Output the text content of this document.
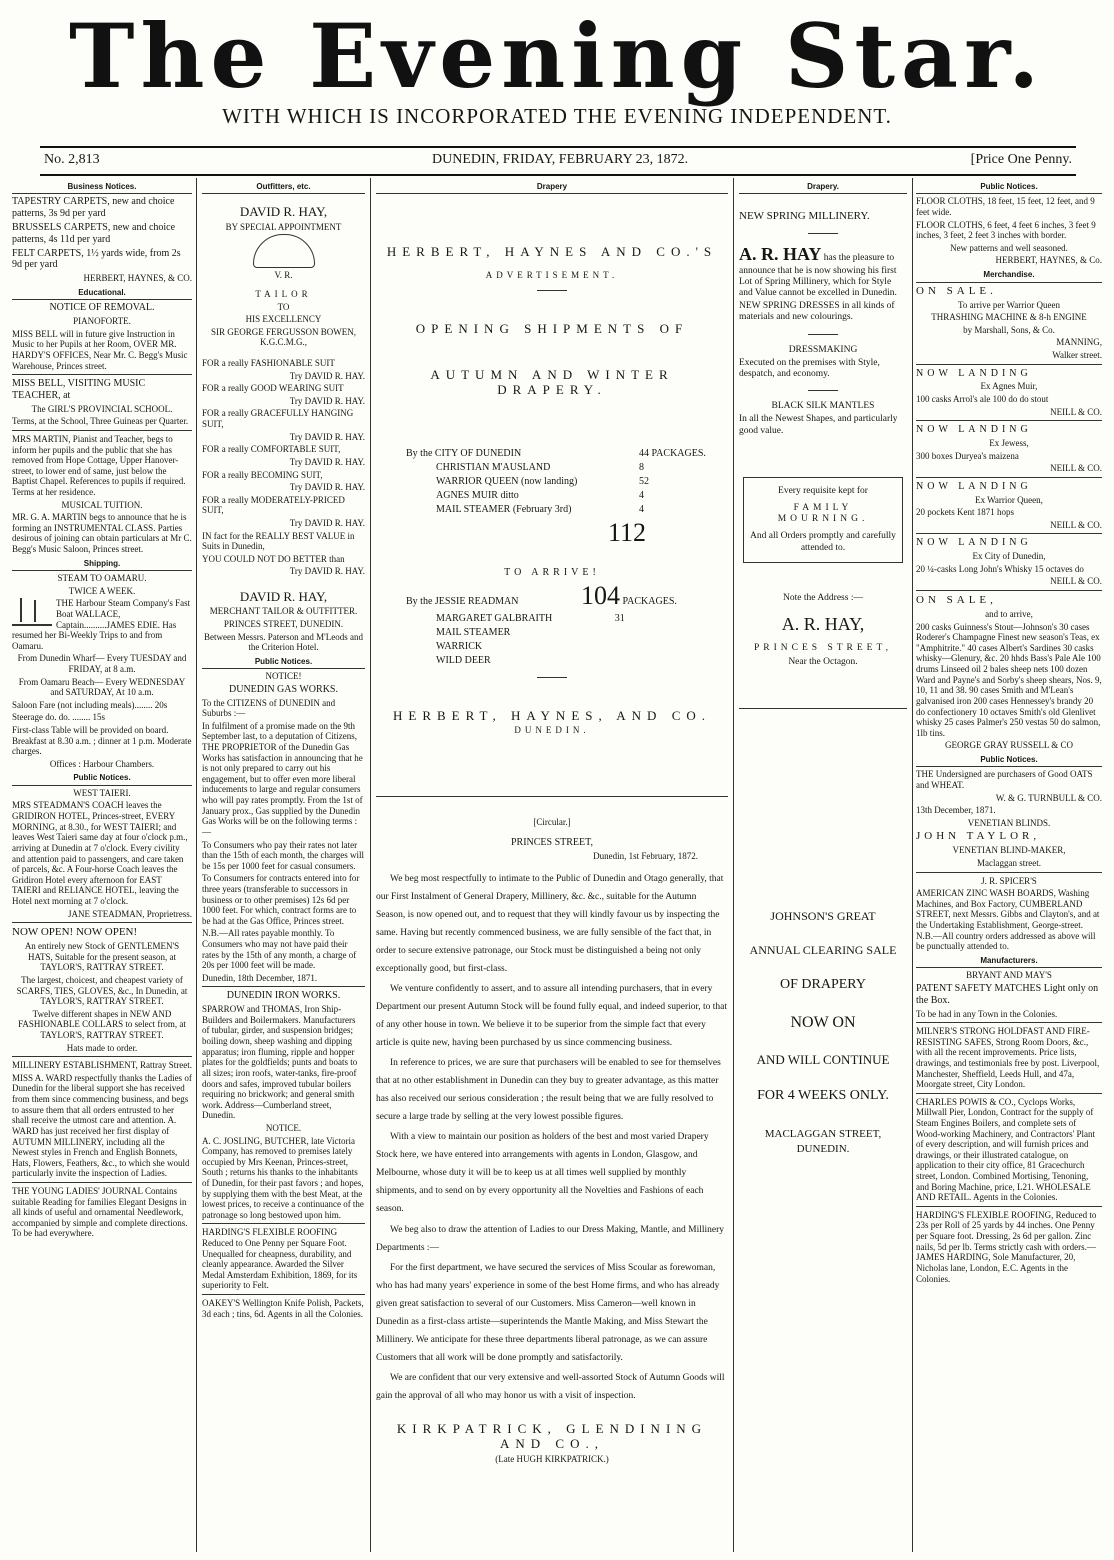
The Evening Star.
WITH WHICH IS INCORPORATED THE EVENING INDEPENDENT.
No. 2,813	DUNEDIN, FRIDAY, FEBRUARY 23, 1872.	[Price One Penny.
Business Notices.

TAPESTRY CARPETS, new and choice patterns, 3s 9d per yard

BRUSSELS CARPETS, new and choice patterns, 4s 11d per yard

FELT CARPETS, 1½ yards wide, from 2s 9d per yard

HERBERT, HAYNES, & CO.

Educational.

NOTICE OF REMOVAL.

PIANOFORTE.

MISS BELL will in future give Instruction in Music to her Pupils at her Room, OVER MR. HARDY'S OFFICES, Near Mr. C. Begg's Music Warehouse, Princes street.

MISS BELL, VISITING MUSIC TEACHER, at

The GIRL'S PROVINCIAL SCHOOL.

Terms, at the School, Three Guineas per Quarter.

MRS MARTIN, Pianist and Teacher, begs to inform her pupils and the public that she has removed from Hope Cottage, Upper Hanover-street, to lower end of same, just below the Baptist Chapel. References to pupils if required. Terms at her residence.

MUSICAL TUITION.

MR. G. A. MARTIN begs to announce that he is forming an INSTRUMENTAL CLASS. Parties desirous of joining can obtain particulars at Mr C. Begg's Music Saloon, Princes street.

Shipping.

STEAM TO OAMARU.

TWICE A WEEK.

THE Harbour Steam Company's Fast Boat WALLACE, Captain..........JAMES EDIE. Has resumed her Bi-Weekly Trips to and from Oamaru.

From Dunedin Wharf— Every TUESDAY and FRIDAY, at 8 a.m.

From Oamaru Beach— Every WEDNESDAY and SATURDAY, At 10 a.m.

Saloon Fare (not including meals)........ 20s

Steerage do. do. ........ 15s

First-class Table will be provided on board. Breakfast at 8.30 a.m. ; dinner at 1 p.m. Moderate charges.

Offices : Harbour Chambers.

Public Notices.

WEST TAIERI.

MRS STEADMAN'S COACH leaves the GRIDIRON HOTEL, Princes-street, EVERY MORNING, at 8.30., for WEST TAIERI; and leaves West Taieri same day at four o'clock p.m., arriving at Dunedin at 7 o'clock. Every civility and attention paid to passengers, and care taken of parcels, &c. A Four-horse Coach leaves the Gridiron Hotel every afternoon for EAST TAIERI and RELIANCE HOTEL, leaving the Hotel next morning at 7 o'clock.

JANE STEADMAN, Proprietress.

NOW OPEN! NOW OPEN!

An entirely new Stock of GENTLEMEN'S HATS, Suitable for the present season, at TAYLOR'S, RATTRAY STREET.

The largest, choicest, and cheapest variety of SCARFS, TIES, GLOVES, &c., In Dunedin, at TAYLOR'S, RATTRAY STREET.

Twelve different shapes in NEW AND FASHIONABLE COLLARS to select from, at TAYLOR'S, RATTRAY STREET.

Hats made to order.

MILLINERY ESTABLISHMENT, Rattray Street.

MISS A. WARD respectfully thanks the Ladies of Dunedin for the liberal support she has received from them since commencing business, and begs to assure them that all orders entrusted to her shall receive the utmost care and attention. A. WARD has just received her first display of AUTUMN MILLINERY, including all the Newest styles in French and English Bonnets, Hats, Flowers, Feathers, &c., to which she would particularly invite the inspection of Ladies.

THE YOUNG LADIES' JOURNAL Contains suitable Reading for families Elegant Designs in all kinds of useful and ornamental Needlework, accompanied by simple and complete directions. To be had everywhere.

Outfitters, etc.

DAVID R. HAY,

BY SPECIAL APPOINTMENT

V. R.

TAILOR

TO

HIS EXCELLENCY

SIR GEORGE FERGUSSON BOWEN, K.G.C.M.G.,

FOR a really FASHIONABLE SUIT

Try DAVID R. HAY.

FOR a really GOOD WEARING SUIT

Try DAVID R. HAY.

FOR a really GRACEFULLY HANGING SUIT,

Try DAVID R. HAY.

FOR a really COMFORTABLE SUIT,

Try DAVID R. HAY.

FOR a really BECOMING SUIT,

Try DAVID R. HAY.

FOR a really MODERATELY-PRICED SUIT,

Try DAVID R. HAY.

IN fact for the REALLY BEST VALUE in Suits in Dunedin,

YOU COULD NOT DO BETTER than

Try DAVID R. HAY.

DAVID R. HAY,

MERCHANT TAILOR & OUTFITTER.

PRINCES STREET, DUNEDIN.

Between Messrs. Paterson and M'Leods and the Criterion Hotel.

Public Notices.

NOTICE!

DUNEDIN GAS WORKS.

To the CITIZENS of DUNEDIN and Suburbs :—

In fulfilment of a promise made on the 9th September last, to a deputation of Citizens, THE PROPRIETOR of the Dunedin Gas Works has satisfaction in announcing that he is not only prepared to carry out his engagement, but to offer even more liberal inducements to large and regular consumers who will pay rates promptly. From the 1st of January prox., Gas supplied by the Dunedin Gas Works will be on the following terms :—

To Consumers who pay their rates not later than the 15th of each month, the charges will be 15s per 1000 feet for casual consumers.

To Consumers for contracts entered into for three years (transferable to successors in business or to other premises) 12s 6d per 1000 feet. For which, contract forms are to be had at the Gas Office, Princes street.

N.B.—All rates payable monthly. To Consumers who may not have paid their rates by the 15th of any month, a charge of 20s per 1000 feet will be made.

Dunedin, 18th December, 1871.

DUNEDIN IRON WORKS.

SPARROW and THOMAS, Iron Ship-Builders and Boilermakers. Manufacturers of tubular, girder, and suspension bridges; boiling down, sheep washing and dipping apparatus; iron fluming, ripple and hopper plates for the goldfields; punts and boats to all sizes; iron roofs, water-tanks, fire-proof doors and safes, improved tubular boilers requiring no brickwork; and general smith work. Address—Cumberland street, Dunedin.

NOTICE.

A. C. JOSLING, BUTCHER, late Victoria Company, has removed to premises lately occupied by Mrs Keenan, Princes-street, South ; returns his thanks to the inhabitants of Dunedin, for their past favors ; and hopes, by supplying them with the best Meat, at the lowest prices, to receive a continuance of the patronage so long bestowed upon him.

HARDING'S FLEXIBLE ROOFING Reduced to One Penny per Square Foot. Unequalled for cheapness, durability, and cleanly appearance. Awarded the Silver Medal Amsterdam Exhibition, 1869, for its superiority to Felt.

OAKEY'S Wellington Knife Polish, Packets, 3d each ; tins, 6d. Agents in all the Colonies.

Drapery

HERBERT, HAYNES AND CO.'S

ADVERTISEMENT.

OPENING SHIPMENTS OF

AUTUMN AND WINTER DRAPERY.

By the CITY OF DUNEDIN	44 PACKAGES.
CHRISTIAN M'AUSLAND	8
WARRIOR QUEEN (now landing)	52
AGNES MUIR ditto	4
MAIL STEAMER (February 3rd)	4

112

TO ARRIVE!

By the JESSIE READMAN 104 PACKAGES.

MARGARET GALBRAITH	31

MAIL STEAMER

WARRICK

WILD DEER

HERBERT, HAYNES, AND CO.

DUNEDIN.

[Circular.]

PRINCES STREET,

Dunedin, 1st February, 1872.

We beg most respectfully to intimate to the Public of Dunedin and Otago generally, that our First Instalment of General Drapery, Millinery, &c. &c., suitable for the Autumn Season, is now opened out, and to request that they will kindly favour us by inspecting the same. Having but recently commenced business, we are fully sensible of the fact that, in order to secure extensive patronage, our Stock must be distinguished a being not only exceptionally good, but first-class.

We venture confidently to assert, and to assure all intending purchasers, that in every Department our present Autumn Stock will be found fully equal, and indeed superior, to that of any other house in town. We believe it to be superior from the simple fact that every article is quite new, having been purchased by us since commencing business.

In reference to prices, we are sure that purchasers will be enabled to see for themselves that at no other establishment in Dunedin can they buy to greater advantage, as this matter has also received our serious consideration ; the result being that we are fully resolved to secure a large trade by selling at the very lowest possible figures.

With a view to maintain our position as holders of the best and most varied Drapery Stock here, we have entered into arrangements with agents in London, Glasgow, and Melbourne, whose duty it will be to keep us at all times well supplied by monthly shipments, and to send on by every opportunity all the Novelties and Fashions of each season.

We beg also to draw the attention of Ladies to our Dress Making, Mantle, and Millinery Departments :—

For the first department, we have secured the services of Miss Scoular as forewoman, who has had many years' experience in some of the best Home firms, and who has already given great satisfaction to several of our Customers. Miss Cameron—well known in Dunedin as a first-class artiste—superintends the Mantle Making, and Miss Stewart the Millinery. We anticipate for these three departments liberal patronage, as we can assure Customers that all work will be done promptly and satisfactorily.

We are confident that our very extensive and well-assorted Stock of Autumn Goods will gain the approval of all who may honor us with a visit of inspection.

KIRKPATRICK, GLENDINING AND CO.,

(Late HUGH KIRKPATRICK.)

Drapery.

NEW SPRING MILLINERY.

A. R. HAY has the pleasure to announce that he is now showing his first Lot of Spring Millinery, which for Style and Value cannot be excelled in Dunedin.

NEW SPRING DRESSES in all kinds of materials and new colourings.

DRESSMAKING

Executed on the premises with Style, despatch, and economy.

BLACK SILK MANTLES

In all the Newest Shapes, and particularly good value.

Every requisite kept for

FAMILY MOURNING.

And all Orders promptly and carefully attended to.

Note the Address :—

A. R. HAY,

PRINCES STREET,

Near the Octagon.

JOHNSON'S GREAT

ANNUAL CLEARING SALE

OF DRAPERY

NOW ON

AND WILL CONTINUE

FOR 4 WEEKS ONLY.

MACLAGGAN STREET,

DUNEDIN.

Public Notices.

FLOOR CLOTHS, 18 feet, 15 feet, 12 feet, and 9 feet wide.

FLOOR CLOTHS, 6 feet, 4 feet 6 inches, 3 feet 9 inches, 3 feet, 2 feet 3 inches with border.

New patterns and well seasoned.

HERBERT, HAYNES, & Co.

Merchandise.

ON SALE.

To arrive per Warrior Queen

THRASHING MACHINE & 8-h ENGINE

by Marshall, Sons, & Co.

MANNING,

Walker street.

NOW LANDING

Ex Agnes Muir,

100 casks Arrol's ale 100 do do stout

NEILL & CO.

NOW LANDING

Ex Jewess,

300 boxes Duryea's maizena

NEILL & CO.

NOW LANDING

Ex Warrior Queen,

20 pockets Kent 1871 hops

NEILL & CO.

NOW LANDING

Ex City of Dunedin,

20 ¼-casks Long John's Whisky 15 octaves do

NEILL & CO.

ON SALE,

and to arrive,

200 casks Guinness's Stout—Johnson's 30 cases Roderer's Champagne Finest new season's Teas, ex "Amphitrite." 40 cases Albert's Sardines 30 casks whisky—Glenury, &c. 20 hhds Bass's Pale Ale 100 drums Linseed oil 2 bales sheep nets 100 dozen Ward and Payne's and Sorby's sheep shears, Nos. 9, 10, 11 and 38. 90 cases Smith and M'Lean's galvanised iron 200 cases Hennessey's brandy 20 do confectionery 10 octaves Smith's old Glenlivet whisky 25 cases Palmer's 250 vestas 50 do salmon, 1lb tins.

GEORGE GRAY RUSSELL & CO

Public Notices.

THE Undersigned are purchasers of Good OATS and WHEAT.

W. & G. TURNBULL & CO.

13th December, 1871.

VENETIAN BLINDS.

JOHN TAYLOR,

VENETIAN BLIND-MAKER,

Maclaggan street.

J. R. SPICER'S

AMERICAN ZINC WASH BOARDS, Washing Machines, and Box Factory, CUMBERLAND STREET, next Messrs. Gibbs and Clayton's, and at the Undertaking Establishment, George-street. N.B.—All country orders addressed as above will be punctually attended to.

Manufacturers.

BRYANT AND MAY'S

PATENT SAFETY MATCHES Light only on the Box.

To be had in any Town in the Colonies.

MILNER'S STRONG HOLDFAST AND FIRE-RESISTING SAFES, Strong Room Doors, &c., with all the recent improvements. Price lists, drawings, and testimonials free by post. Liverpool, Manchester, Sheffield, Leeds Hull, and 47a, Moorgate street, City London.

CHARLES POWIS & CO., Cyclops Works, Millwall Pier, London, Contract for the supply of Steam Engines Boilers, and complete sets of Wood-working Machinery, and Contractors' Plant of every description, and will furnish prices and drawings, or their illustrated catalogue, on application to their city office, 81 Gracechurch street, London. Combined Mortising, Tenoning, and Boring Machine, price, L21. WHOLESALE AND RETAIL. Agents in the Colonies.

HARDING'S FLEXIBLE ROOFING, Reduced to 23s per Roll of 25 yards by 44 inches. One Penny per Square foot. Dressing, 2s 6d per gallon. Zinc nails, 5d per lb. Terms strictly cash with orders.—JAMES HARDING, Sole Manufacturer, 20, Nicholas lane, London, E.C. Agents in the Colonies.
